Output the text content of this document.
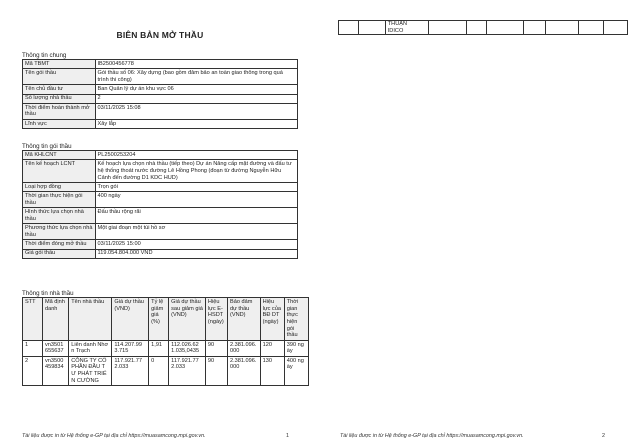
BIÊN BẢN MỞ THẦU
Thông tin chung
Mã TBMT	IB2500456778
Tên gói thầu	Gói thầu số 06: Xây dựng (bao gồm đảm bảo an toàn giao thông trong quá trình thi công)
Tên chủ đầu tư	Ban Quản lý dự án khu vực 06
Số lượng nhà thầu	2
Thời điểm hoàn thành mở thầu	03/11/2025 15:08
Lĩnh vực	Xây lắp
Thông tin gói thầu
Mã KHLCNT	PL2500253204
Tên kế hoạch LCNT	Kế hoạch lựa chọn nhà thầu (tiếp theo) Dự án Nâng cấp mặt đường và đấu tư hệ thống thoát nước đường Lê Hồng Phong (đoạn từ đường Nguyễn Hữu Cảnh đến đường D1 KDC HUD)
Loại hợp đồng	Trọn gói
Thời gian thực hiện gói thầu	400 ngày
Hình thức lựa chọn nhà thầu	Đấu thầu rộng rãi
Phương thức lựa chọn nhà thầu	Một giai đoạn một túi hồ sơ
Thời điểm đóng mở thầu	03/11/2025 15:00
Giá gói thầu	119.054.804.000 VND
Thông tin nhà thầu
STT	Mã định danh	Tên nhà thầu	Giá dự thầu (VND)	Tỷ lệ giảm giá (%)	Giá dự thầu sau giảm giá (VND)	Hiệu lực E-HSDT (ngày)	Bảo đảm dự thầu (VND)	Hiệu lực của BĐ DT (ngày)	Thời gian thực hiện gói thầu
1	vn3501655637	Liên danh Nhơn Trạch	114.207.993.715	1,91	112.026.621.035,0435	90	2.381.096.000	120	390 ngày
2	vn3500459834	CÔNG TY CỔ PHẦN ĐẦU TƯ PHÁT TRIỂN CƯỜNG	117.921.772.033	0	117.921.772.033	90	2.381.096.000	130	400 ngày
Tài liệu được in từ Hệ thống e-GP tại địa chỉ https://muasamcong.mpi.gov.vn.	1

THUẬN
IDICO

Tài liệu được in từ Hệ thống e-GP tại địa chỉ https://muasamcong.mpi.gov.vn.	2
